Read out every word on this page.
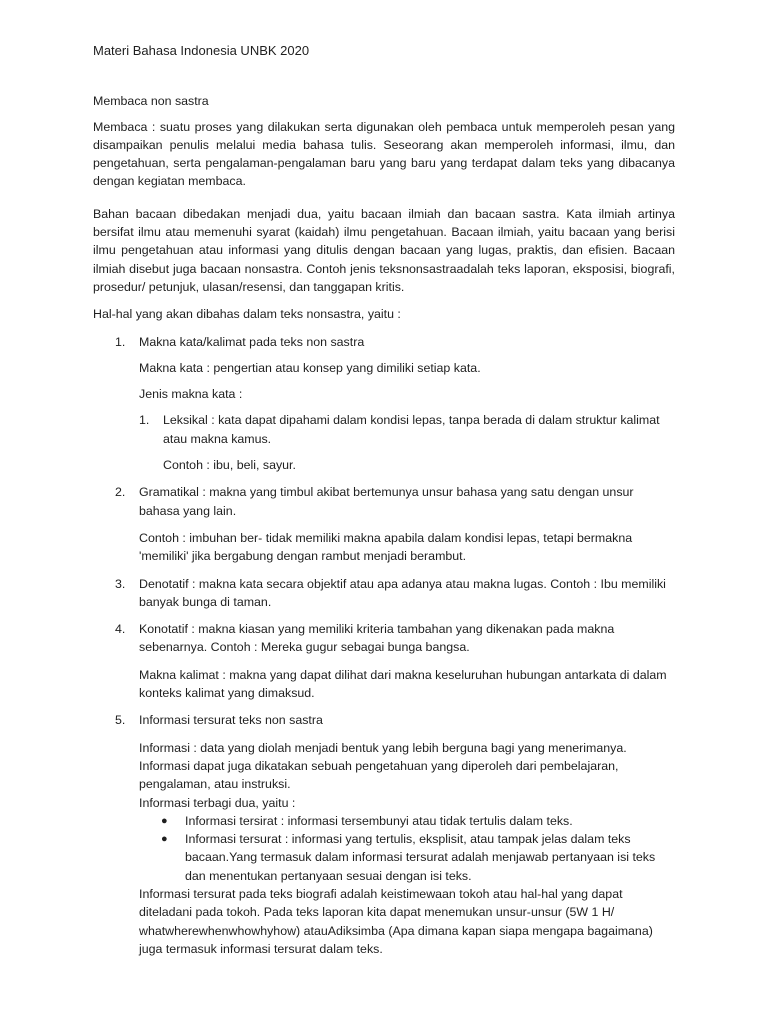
Materi Bahasa Indonesia UNBK 2020

Membaca non sastra

Membaca : suatu proses yang dilakukan serta digunakan oleh pembaca untuk memperoleh pesan yang disampaikan penulis melalui media bahasa tulis. Seseorang akan memperoleh informasi, ilmu, dan pengetahuan, serta pengalaman-pengalaman baru yang baru yang terdapat dalam teks yang dibacanya dengan kegiatan membaca.

Bahan bacaan dibedakan menjadi dua, yaitu bacaan ilmiah dan bacaan sastra. Kata ilmiah artinya bersifat ilmu atau memenuhi syarat (kaidah) ilmu pengetahuan. Bacaan ilmiah, yaitu bacaan yang berisi ilmu pengetahuan atau informasi yang ditulis dengan bacaan yang lugas, praktis, dan efisien. Bacaan ilmiah disebut juga bacaan nonsastra. Contoh jenis teksnonsastraadalah teks laporan, eksposisi, biografi, prosedur/ petunjuk, ulasan/resensi, dan tanggapan kritis.

Hal-hal yang akan dibahas dalam teks nonsastra, yaitu :

1.	Makna kata/kalimat pada teks non sastra

Makna kata : pengertian atau konsep yang dimiliki setiap kata.

Jenis makna kata :

1.	Leksikal : kata dapat dipahami dalam kondisi lepas, tanpa berada di dalam struktur kalimat atau makna kamus.

Contoh : ibu, beli, sayur.

2.	Gramatikal : makna yang timbul akibat bertemunya unsur bahasa yang satu dengan unsur bahasa yang lain.

Contoh : imbuhan ber- tidak memiliki makna apabila dalam kondisi lepas, tetapi bermakna 'memiliki' jika bergabung dengan rambut menjadi berambut.

3.	Denotatif : makna kata secara objektif atau apa adanya atau makna lugas. Contoh : Ibu memiliki banyak bunga di taman.

4.	Konotatif : makna kiasan yang memiliki kriteria tambahan yang dikenakan pada makna sebenarnya. Contoh : Mereka gugur sebagai bunga bangsa.

Makna kalimat : makna yang dapat dilihat dari makna keseluruhan hubungan antarkata di dalam konteks kalimat yang dimaksud.

5.	Informasi tersurat teks non sastra

Informasi : data yang diolah menjadi bentuk yang lebih berguna bagi yang menerimanya. Informasi dapat juga dikatakan sebuah pengetahuan yang diperoleh dari pembelajaran, pengalaman, atau instruksi.

Informasi terbagi dua, yaitu :

● Informasi tersirat : informasi tersembunyi atau tidak tertulis dalam teks.

● Informasi tersurat : informasi yang tertulis, eksplisit, atau tampak jelas dalam teks bacaan.Yang termasuk dalam informasi tersurat adalah menjawab pertanyaan isi teks dan menentukan pertanyaan sesuai dengan isi teks.

Informasi tersurat pada teks biografi adalah keistimewaan tokoh atau hal-hal yang dapat diteladani pada tokoh. Pada teks laporan kita dapat menemukan unsur-unsur (5W 1 H/ whatwherewhenwhowhyhow) atauAdiksimba (Apa dimana kapan siapa mengapa bagaimana) juga termasuk informasi tersurat dalam teks.
